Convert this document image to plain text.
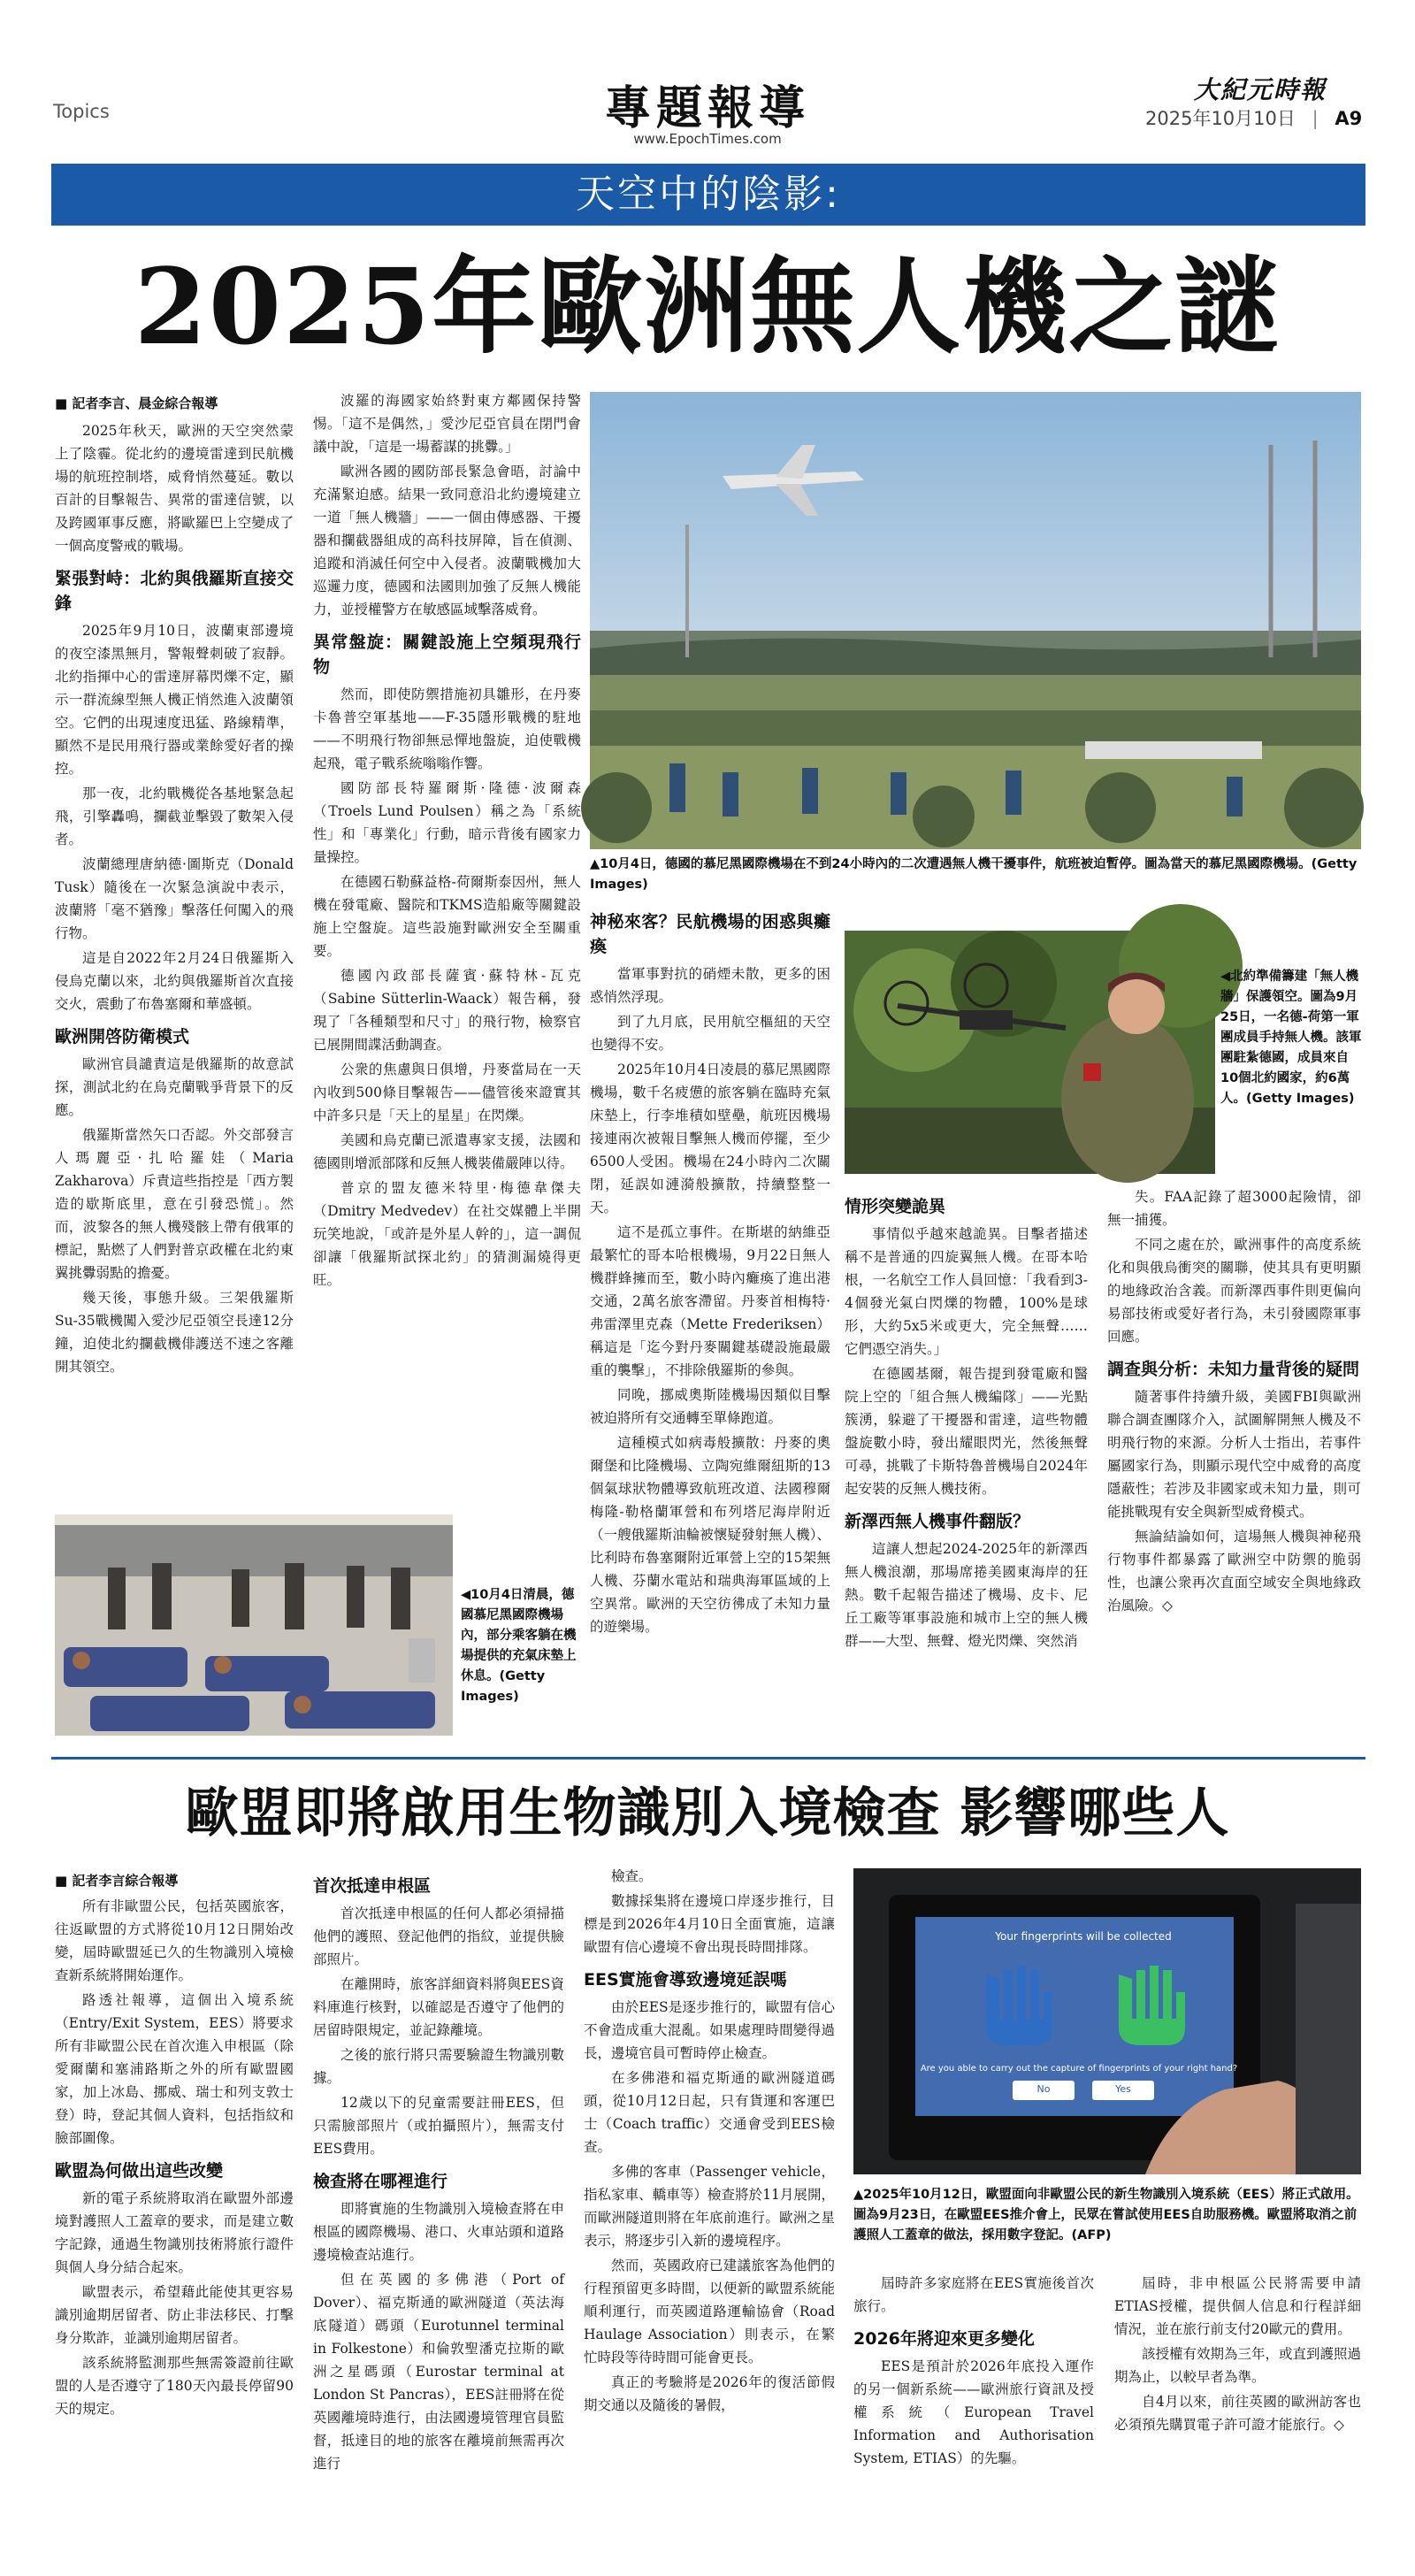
Topics	專題報導
www.EpochTimes.com
大紀元時報
2025年10月10日 | A9
天空中的陰影:
2025年歐洲無人機之謎
■ 記者李言、晨金綜合報導

2025年秋天，歐洲的天空突然蒙上了陰霾。從北約的邊境雷達到民航機場的航班控制塔，威脅悄然蔓延。數以百計的目擊報告、異常的雷達信號，以及跨國軍事反應，將歐羅巴上空變成了一個高度警戒的戰場。

緊張對峙：北約與俄羅斯直接交鋒

2025年9月10日，波蘭東部邊境的夜空漆黑無月，警報聲刺破了寂靜。北約指揮中心的雷達屏幕閃爍不定，顯示一群流線型無人機正悄然進入波蘭領空。它們的出現速度迅猛、路線精準，顯然不是民用飛行器或業餘愛好者的操控。

那一夜，北約戰機從各基地緊急起飛，引擎轟鳴，攔截並擊毀了數架入侵者。

波蘭總理唐納德·圖斯克（Donald Tusk）隨後在一次緊急演說中表示，波蘭將「毫不猶豫」擊落任何闖入的飛行物。

這是自2022年2月24日俄羅斯入侵烏克蘭以來，北約與俄羅斯首次直接交火，震動了布魯塞爾和華盛頓。

歐洲開啓防衛模式

歐洲官員譴責這是俄羅斯的故意試探，測試北約在烏克蘭戰爭背景下的反應。

俄羅斯當然矢口否認。外交部發言人瑪麗亞·扎哈羅娃（Maria Zakharova）斥責這些指控是「西方製造的歇斯底里，意在引發恐慌」。然而，波黎各的無人機殘骸上帶有俄軍的標記，點燃了人們對普京政權在北約東翼挑釁弱點的擔憂。

幾天後，事態升級。三架俄羅斯Su-35戰機闖入愛沙尼亞領空長達12分鐘，迫使北約攔截機俳護送不速之客離開其領空。

波羅的海國家始終對東方鄰國保持警惕。「這不是偶然，」愛沙尼亞官員在閉門會議中說，「這是一場蓄謀的挑釁。」

歐洲各國的國防部長緊急會晤，討論中充滿緊迫感。結果一致同意沿北約邊境建立一道「無人機牆」——一個由傳感器、干擾器和攔截器組成的高科技屏障，旨在偵測、追蹤和消滅任何空中入侵者。波蘭戰機加大巡邏力度，德國和法國則加強了反無人機能力，並授權警方在敏感區域擊落威脅。

異常盤旋：關鍵設施上空頻現飛行物

然而，即使防禦措施初具雛形，在丹麥卡魯普空軍基地——F-35隱形戰機的駐地——不明飛行物卻無忌憚地盤旋，迫使戰機起飛，電子戰系統嗡嗡作響。

國防部長特羅爾斯·隆德·波爾森（Troels Lund Poulsen）稱之為「系統性」和「專業化」行動，暗示背後有國家力量操控。

在德國石勒蘇益格-荷爾斯泰因州，無人機在發電廠、醫院和TKMS造船廠等關鍵設施上空盤旋。這些設施對歐洲安全至關重要。

德國內政部長薩賓·蘇特林-瓦克（Sabine Sütterlin-Waack）報告稱，發現了「各種類型和尺寸」的飛行物，檢察官已展開間諜活動調查。

公衆的焦慮與日俱增，丹麥當局在一天內收到500條目擊報告——儘管後來證實其中許多只是「天上的星星」在閃爍。

美國和烏克蘭已派遣專家支援，法國和德國則增派部隊和反無人機裝備嚴陣以待。

普京的盟友德米特里·梅德韋傑夫（Dmitry Medvedev）在社交媒體上半開玩笑地說，「或許是外星人幹的」，這一調侃卻讓「俄羅斯試探北約」的猜測漏燒得更旺。

▲10月4日，德國的慕尼黑國際機場在不到24小時內的二次遭遇無人機干擾事件，航班被迫暫停。圖為當天的慕尼黑國際機場。(Getty Images)
神秘來客？民航機場的困惑與癱瘓

當軍事對抗的硝煙未散，更多的困惑悄然浮現。

到了九月底，民用航空樞紐的天空也變得不安。

2025年10月4日凌晨的慕尼黑國際機場，數千名疲憊的旅客躺在臨時充氣床墊上，行李堆積如壁壘，航班因機場接連兩次被報目擊無人機而停擺，至少6500人受困。機場在24小時內二次關閉，延誤如漣漪般擴散，持續整整一天。

這不是孤立事件。在斯堪的納維亞最繁忙的哥本哈根機場，9月22日無人機群蜂擁而至，數小時內癱瘓了進出港交通，2萬名旅客滯留。丹麥首相梅特·弗雷澤里克森（Mette Frederiksen）稱這是「迄今對丹麥關鍵基礎設施最嚴重的襲擊」，不排除俄羅斯的參與。

同晚，挪威奧斯陸機場因類似目擊被迫將所有交通轉至單條跑道。

這種模式如病毒般擴散：丹麥的奧爾堡和比隆機場、立陶宛維爾紐斯的13個氣球狀物體導致航班改道、法國穆爾梅隆-勒格蘭軍營和布列塔尼海岸附近（一艘俄羅斯油輪被懷疑發射無人機）、比利時布魯塞爾附近軍營上空的15架無人機、芬蘭水電站和瑞典海軍區域的上空異常。歐洲的天空彷彿成了未知力量的遊樂場。

◀北約準備籌建「無人機牆」保護領空。圖為9月25日，一名德-荷第一軍團成員手持無人機。該軍團駐紮德國，成員來自10個北約國家，約6萬人。(Getty Images)
情形突變詭異

事情似乎越來越詭異。目擊者描述稱不是普通的四旋翼無人機。在哥本哈根，一名航空工作人員回憶：「我看到3-4個發光氣白閃爍的物體，100%是球形，大約5x5米或更大，完全無聲……它們憑空消失。」

在德國基爾，報告提到發電廠和醫院上空的「組合無人機編隊」——光點簇湧，躲避了干擾器和雷達，這些物體盤旋數小時，發出耀眼閃光，然後無聲可尋，挑戰了卡斯特魯普機場自2024年起安裝的反無人機技術。

新澤西無人機事件翻版？

這讓人想起2024-2025年的新澤西無人機浪潮，那場席捲美國東海岸的狂熱。數千起報告描述了機場、皮卡、尼丘工廠等軍事設施和城市上空的無人機群——大型、無聲、燈光閃爍、突然消

失。FAA記錄了超3000起險情，卻無一捕獲。

不同之處在於，歐洲事件的高度系統化和與俄烏衝突的關聯，使其具有更明顯的地緣政治含義。而新澤西事件則更偏向易部技術或愛好者行為，未引發國際軍事回應。

調查與分析：未知力量背後的疑問

隨著事件持續升級，美國FBI與歐洲聯合調查團隊介入，試圖解開無人機及不明飛行物的來源。分析人士指出，若事件屬國家行為，則顯示現代空中威脅的高度隱蔽性；若涉及非國家或未知力量，則可能挑戰現有安全與新型威脅模式。

無論結論如何，這場無人機與神秘飛行物事件都暴露了歐洲空中防禦的脆弱性，也讓公衆再次直面空域安全與地緣政治風險。◇

◀10月4日清晨，德國慕尼黑國際機場內，部分乘客躺在機場提供的充氣床墊上休息。(Getty Images)
歐盟即將啟用生物識別入境檢查 影響哪些人
■ 記者李言綜合報導

所有非歐盟公民，包括英國旅客，往返歐盟的方式將從10月12日開始改變，屆時歐盟延已久的生物識別入境檢查新系統將開始運作。

路透社報導，這個出入境系統（Entry/Exit System，EES）將要求所有非歐盟公民在首次進入申根區（除愛爾蘭和塞浦路斯之外的所有歐盟國家，加上冰島、挪威、瑞士和列支敦士登）時，登記其個人資料，包括指紋和臉部圖像。

歐盟為何做出這些改變

新的電子系統將取消在歐盟外部邊境對護照人工蓋章的要求，而是建立數字記錄，通過生物識別技術將旅行證件與個人身分結合起來。

歐盟表示，希望藉此能使其更容易識別逾期居留者、防止非法移民、打擊身分欺詐，並識別逾期居留者。

該系統將監測那些無需簽證前往歐盟的人是否遵守了180天內最長停留90天的規定。

首次抵達申根區

首次抵達申根區的任何人都必須掃描他們的護照、登記他們的指紋，並提供臉部照片。

在離開時，旅客詳細資料將與EES資料庫進行核對，以確認是否遵守了他們的居留時限規定，並記錄離境。

之後的旅行將只需要驗證生物識別數據。

12歲以下的兒童需要註冊EES，但只需臉部照片（或拍攝照片），無需支付EES費用。

檢查將在哪裡進行

即將實施的生物識別入境檢查將在申根區的國際機場、港口、火車站頭和道路邊境檢查站進行。

但在英國的多佛港（Port of Dover）、福克斯通的歐洲隧道（英法海底隧道）碼頭（Eurotunnel terminal in Folkestone）和倫敦聖潘克拉斯的歐洲之星碼頭（Eurostar terminal at London St Pancras），EES註冊將在從英國離境時進行，由法國邊境管理官員監督，抵達目的地的旅客在離境前無需再次進行

檢查。

數據採集將在邊境口岸逐步推行，目標是到2026年4月10日全面實施，這讓歐盟有信心邊境不會出現長時間排隊。

EES實施會導致邊境延誤嗎

由於EES是逐步推行的，歐盟有信心不會造成重大混亂。如果處理時間變得過長，邊境官員可暫時停止檢查。

在多佛港和福克斯通的歐洲隧道碼頭，從10月12日起，只有貨運和客運巴士（Coach traffic）交通會受到EES檢查。

多佛的客車（Passenger vehicle，指私家車、轎車等）檢查將於11月展開，而歐洲隧道則將在年底前進行。歐洲之星表示，將逐步引入新的邊境程序。

然而，英國政府已建議旅客為他們的行程預留更多時間，以便新的歐盟系統能順利運行，而英國道路運輸協會（Road Haulage Association）則表示，在繁忙時段等待時間可能會更長。

真正的考驗將是2026年的復活節假期交通以及隨後的暑假，

Your fingerprints will be collected
Are you able to carry out the capture of fingerprints of your right hand?
No	Yes
▲2025年10月12日，歐盟面向非歐盟公民的新生物識別入境系統（EES）將正式啟用。圖為9月23日，在歐盟EES推介會上，民眾在嘗試使用EES自助服務機。歐盟將取消之前護照人工蓋章的做法，採用數字登記。(AFP)

屆時許多家庭將在EES實施後首次旅行。

2026年將迎來更多變化

EES是預計於2026年底投入運作的另一個新系統——歐洲旅行資訊及授權系統（European Travel Information and Authorisation System, ETIAS）的先驅。

屆時，非申根區公民將需要申請ETIAS授權，提供個人信息和行程詳細情況，並在旅行前支付20歐元的費用。

該授權有效期為三年，或直到護照過期為止，以較早者為準。

自4月以來，前往英國的歐洲訪客也必須預先購買電子許可證才能旅行。◇
